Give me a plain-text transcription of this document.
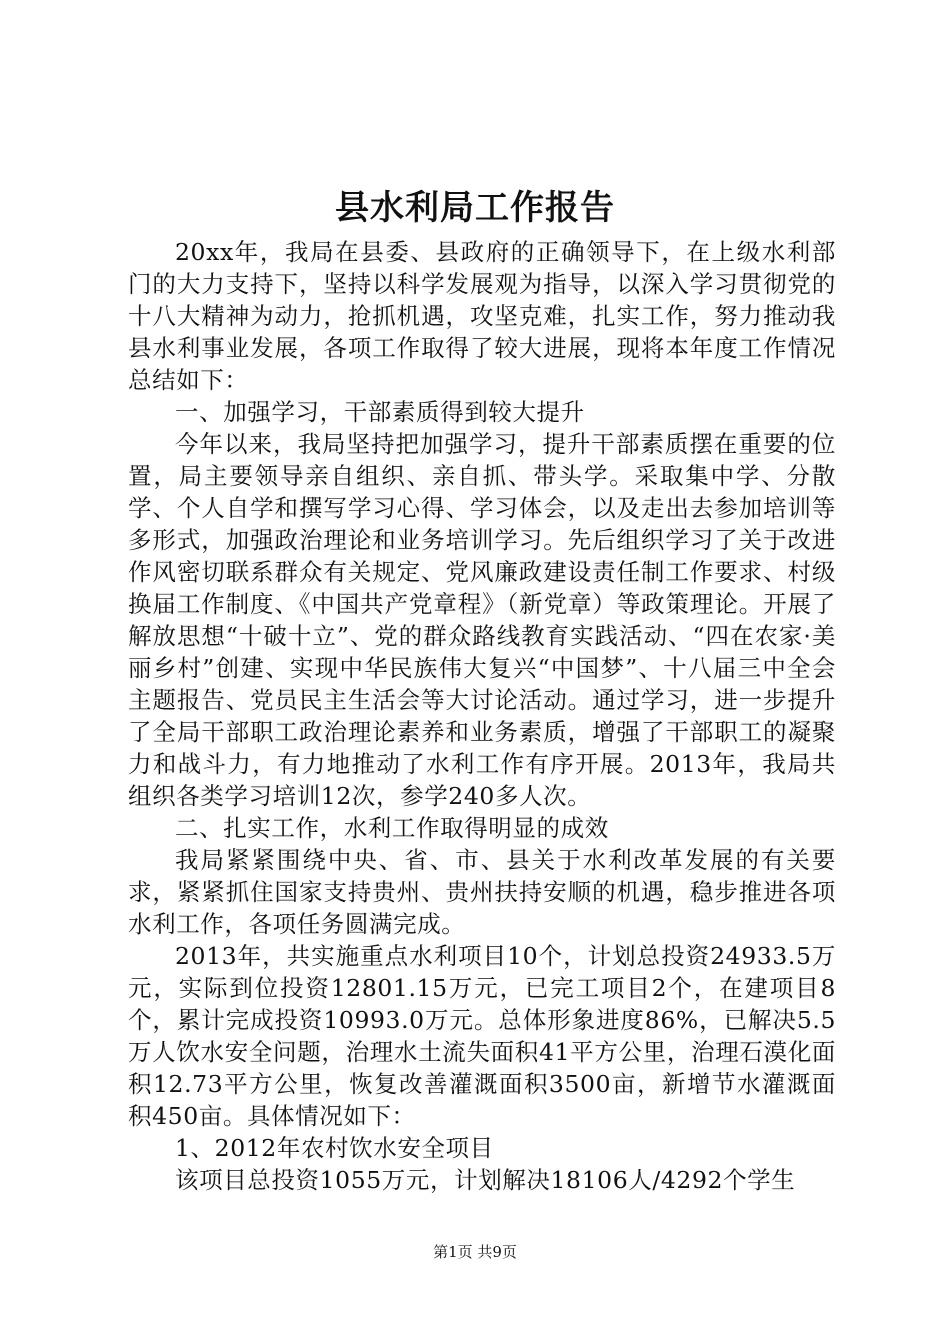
县水利局工作报告

20xx年，我局在县委、县政府的正确领导下，在上级水利部门的大力支持下，坚持以科学发展观为指导，以深入学习贯彻党的十八大精神为动力，抢抓机遇，攻坚克难，扎实工作，努力推动我县水利事业发展，各项工作取得了较大进展，现将本年度工作情况总结如下：

一、加强学习，干部素质得到较大提升

今年以来，我局坚持把加强学习，提升干部素质摆在重要的位置，局主要领导亲自组织、亲自抓、带头学。采取集中学、分散学、个人自学和撰写学习心得、学习体会，以及走出去参加培训等多形式，加强政治理论和业务培训学习。先后组织学习了关于改进作风密切联系群众有关规定、党风廉政建设责任制工作要求、村级换届工作制度、《中国共产党章程》（新党章）等政策理论。开展了解放思想“十破十立”、党的群众路线教育实践活动、“四在农家·美丽乡村”创建、实现中华民族伟大复兴“中国梦”、十八届三中全会主题报告、党员民主生活会等大讨论活动。通过学习，进一步提升了全局干部职工政治理论素养和业务素质，增强了干部职工的凝聚力和战斗力，有力地推动了水利工作有序开展。2013年，我局共组织各类学习培训12次，参学240多人次。

二、扎实工作，水利工作取得明显的成效

我局紧紧围绕中央、省、市、县关于水利改革发展的有关要求，紧紧抓住国家支持贵州、贵州扶持安顺的机遇，稳步推进各项水利工作，各项任务圆满完成。

2013年，共实施重点水利项目10个，计划总投资24933.5万元，实际到位投资12801.15万元，已完工项目2个，在建项目8个，累计完成投资10993.0万元。总体形象进度86%，已解决5.5万人饮水安全问题，治理水土流失面积41平方公里，治理石漠化面积12.73平方公里，恢复改善灌溉面积3500亩，新增节水灌溉面积450亩。具体情况如下：

1、2012年农村饮水安全项目

该项目总投资1055万元，计划解决18106人/4292个学生

第1页 共9页
